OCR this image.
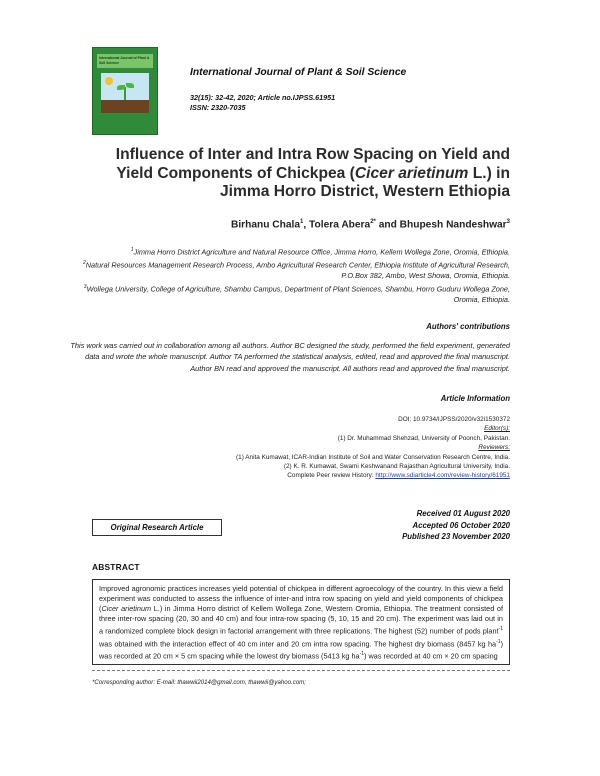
International Journal of Plant & Soil Science
International Journal of Plant & Soil Science
32(15): 32-42, 2020; Article no.IJPSS.61951
ISSN: 2320-7035
Influence of Inter and Intra Row Spacing on Yield and Yield Components of Chickpea (Cicer arietinum L.) in Jimma Horro District, Western Ethiopia
Birhanu Chala$^1$, Tolera Abera$^{2*}$ and Bhupesh Nandeshwar$^3$
$^1$Jimma Horro District Agriculture and Natural Resource Office, Jimma Horro, Kellem Wollega Zone, Oromia, Ethiopia.
$^2$Natural Resources Management Research Process, Ambo Agricultural Research Center, Ethiopia Institute of Agricultural Research, P.O.Box 382, Ambo, West Showa, Oromia, Ethiopia.
$^3$Wollega University, College of Agriculture, Shambu Campus, Department of Plant Sciences, Shambu, Horro Guduru Wollega Zone, Oromia, Ethiopia.
Authors' contributions
This work was carried out in collaboration among all authors. Author BC designed the study, performed the field experiment, generated data and wrote the whole manuscript. Author TA performed the statistical analysis, edited, read and approved the final manuscript. Author BN read and approved the manuscript. All authors read and approved the final manuscript.
Article Information
DOI: 10.9734/IJPSS/2020/v32i1530372
Editor(s):
(1) Dr. Muhammad Shehzad, University of Poonch, Pakistan.
Reviewers:
(1) Anita Kumawat, ICAR-Indian Institute of Soil and Water Conservation Research Centre, India.
(2) K. R. Kumawat, Swami Keshwanand Rajasthan Agricultural University, India.
Complete Peer review History: http://www.sdiarticle4.com/review-history/61951
Original Research Article
Received 01 August 2020
Accepted 06 October 2020
Published 23 November 2020
ABSTRACT

Improved agronomic practices increases yield potential of chickpea in different agroecology of the country. In this view a field experiment was conducted to assess the influence of inter-and intra row spacing on yield and yield components of chickpea (Cicer arietinum L.) in Jimma Horro district of Kellem Wollega Zone, Western Oromia, Ethiopia. The treatment consisted of three inter-row spacing (20, 30 and 40 cm) and four intra-row spacing (5, 10, 15 and 20 cm). The experiment was laid out in a randomized complete block design in factorial arrangement with three replications. The highest (52) number of pods plant$^{-1}$ was obtained with the interaction effect of 40 cm inter and 20 cm intra row spacing. The highest dry biomass (8457 kg $ha^{-1}$) was recorded at 20 cm × 5 cm spacing while the lowest dry biomass (5413 kg $ha^{-1}$) was recorded at 40 cm × 20 cm spacing

*Corresponding author: E-mail: thawwii2014@gmail.com, thawwii@yahoo.com;
